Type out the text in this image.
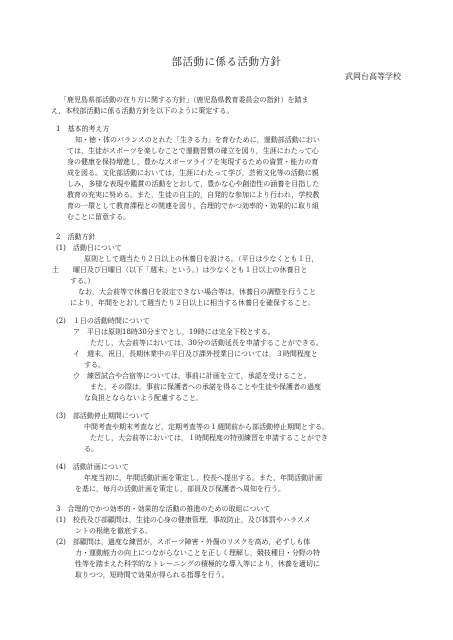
部活動に係る活動方針
武岡台高等学校
「鹿児島県部活動の在り方に関する方針」（鹿児島県教育委員会の指針）を踏ま
え，本校部活動に係る活動方針を以下のように策定する。
1　基本的考え方
知・徳・体のバランスのとれた「生きる力」を育むために，運動部活動におい
ては，生徒がスポーツを楽しむことで運動習慣の確立を図り，生涯にわたって心
身の健康を保持増進し，豊かなスポーツライフを実現するための資質・能力の育
成を図る。文化部活動においては，生涯にわたって学び，芸術文化等の活動に親
しみ，多様な表現や鑑賞の活動をとおして，豊かな心や創造性の涵養を目指した
教育の充実に努める。また，生徒の自主的，自発的な参加により行われ，学校教
育の一環として教育課程との関連を図り，合理的でかつ効率的・効果的に取り組
むことに留意する。
2　活動方針
(1)　活動日について
原則として週当たり２日以上の休養日を設ける。（平日は少なくとも１日，
土　　曜日及び日曜日（以下「週末」という。）は少なくとも１日以上の休養日と
する。）
なお，大会前等で休養日を設定できない場合等は，休養日の調整を行うこと
により，年間をとおして週当たり２日以上に相当する休養日を確保すること。
(2)　１日の活動時間について
ア　平日は原則18時30分までとし，19時には完全下校とする。
ただし，大会前等においては，30分の活動延長を申請することができる。
イ　週末，祝日，長期休業中の平日及び課外授業日については，３時間程度と
する。
ウ　練習試合や合宿等については，事前に計画を立て，承認を受けること。
また，その際は，事前に保護者への承諾を得ることや生徒や保護者の過度
な負担とならないよう配慮すること。
(3)　部活動停止期間について
中間考査や期末考査など，定期考査等の１週間前から部活動停止期間とする。
ただし，大会前等においては，１時間程度の特別練習を申請することができ
る。
(4)　活動計画について
年度当初に，年間活動計画を策定し，校長へ提出する。また，年間活動計画
を基に，毎月の活動計画を策定し，部員及び保護者へ周知を行う。
3　合理的でかつ効率的・効果的な活動の推進のための取組について
(1)　校長及び部顧問は，生徒の心身の健康管理，事故防止，及び体罰やハラスメ
ントの根絶を徹底する。
(2)　部顧問は，過度な練習が，スポーツ障害・外傷のリスクを高め，必ずしも体
力・運動能力の向上につながらないことを正しく理解し，競技種目・分野の特
性等を踏まえた科学的なトレーニングの積極的な導入等により，休養を適切に
取りつつ，短時間で効果が得られる指導を行う。
